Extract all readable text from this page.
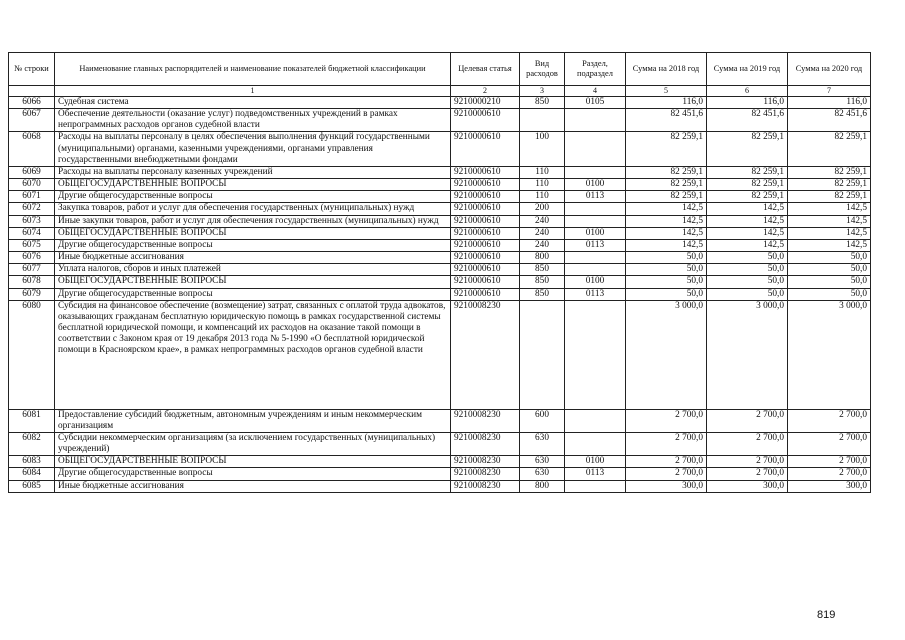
№ строки	Наименование главных распорядителей и наименование показателей бюджетной классификации	Целевая статья	Вид расходов	Раздел, подраздел	Сумма на 2018 год	Сумма на 2019 год	Сумма на 2020 год
	1	2	3	4	5	6	7
6066	Судебная система	9210000210	850	0105	116,0	116,0	116,0
6067	Обеспечение деятельности (оказание услуг) подведомственных учреждений в рамках непрограммных расходов органов судебной власти	9210000610			82 451,6	82 451,6	82 451,6
6068	Расходы на выплаты персоналу в целях обеспечения выполнения функций государственными (муниципальными) органами, казенными учреждениями, органами управления государственными внебюджетными фондами	9210000610	100		82 259,1	82 259,1	82 259,1
6069	Расходы на выплаты персоналу казенных учреждений	9210000610	110		82 259,1	82 259,1	82 259,1
6070	ОБЩЕГОСУДАРСТВЕННЫЕ ВОПРОСЫ	9210000610	110	0100	82 259,1	82 259,1	82 259,1
6071	Другие общегосударственные вопросы	9210000610	110	0113	82 259,1	82 259,1	82 259,1
6072	Закупка товаров, работ и услуг для обеспечения государственных (муниципальных) нужд	9210000610	200		142,5	142,5	142,5
6073	Иные закупки товаров, работ и услуг для обеспечения государственных (муниципальных) нужд	9210000610	240		142,5	142,5	142,5
6074	ОБЩЕГОСУДАРСТВЕННЫЕ ВОПРОСЫ	9210000610	240	0100	142,5	142,5	142,5
6075	Другие общегосударственные вопросы	9210000610	240	0113	142,5	142,5	142,5
6076	Иные бюджетные ассигнования	9210000610	800		50,0	50,0	50,0
6077	Уплата налогов, сборов и иных платежей	9210000610	850		50,0	50,0	50,0
6078	ОБЩЕГОСУДАРСТВЕННЫЕ ВОПРОСЫ	9210000610	850	0100	50,0	50,0	50,0
6079	Другие общегосударственные вопросы	9210000610	850	0113	50,0	50,0	50,0
6080	Субсидия на финансовое обеспечение (возмещение) затрат, связанных с оплатой труда адвокатов, оказывающих гражданам бесплатную юридическую помощь в рамках государственной системы бесплатной юридической помощи, и компенсаций их расходов на оказание такой помощи в соответствии с Законом края от 19 декабря 2013 года № 5-1990 «О бесплатной юридической помощи в Красноярском крае», в рамках непрограммных расходов органов судебной власти	9210008230			3 000,0	3 000,0	3 000,0
6081	Предоставление субсидий бюджетным, автономным учреждениям и иным некоммерческим организациям	9210008230	600		2 700,0	2 700,0	2 700,0
6082	Субсидии некоммерческим организациям (за исключением государственных (муниципальных) учреждений)	9210008230	630		2 700,0	2 700,0	2 700,0
6083	ОБЩЕГОСУДАРСТВЕННЫЕ ВОПРОСЫ	9210008230	630	0100	2 700,0	2 700,0	2 700,0
6084	Другие общегосударственные вопросы	9210008230	630	0113	2 700,0	2 700,0	2 700,0
6085	Иные бюджетные ассигнования	9210008230	800		300,0	300,0	300,0
819
